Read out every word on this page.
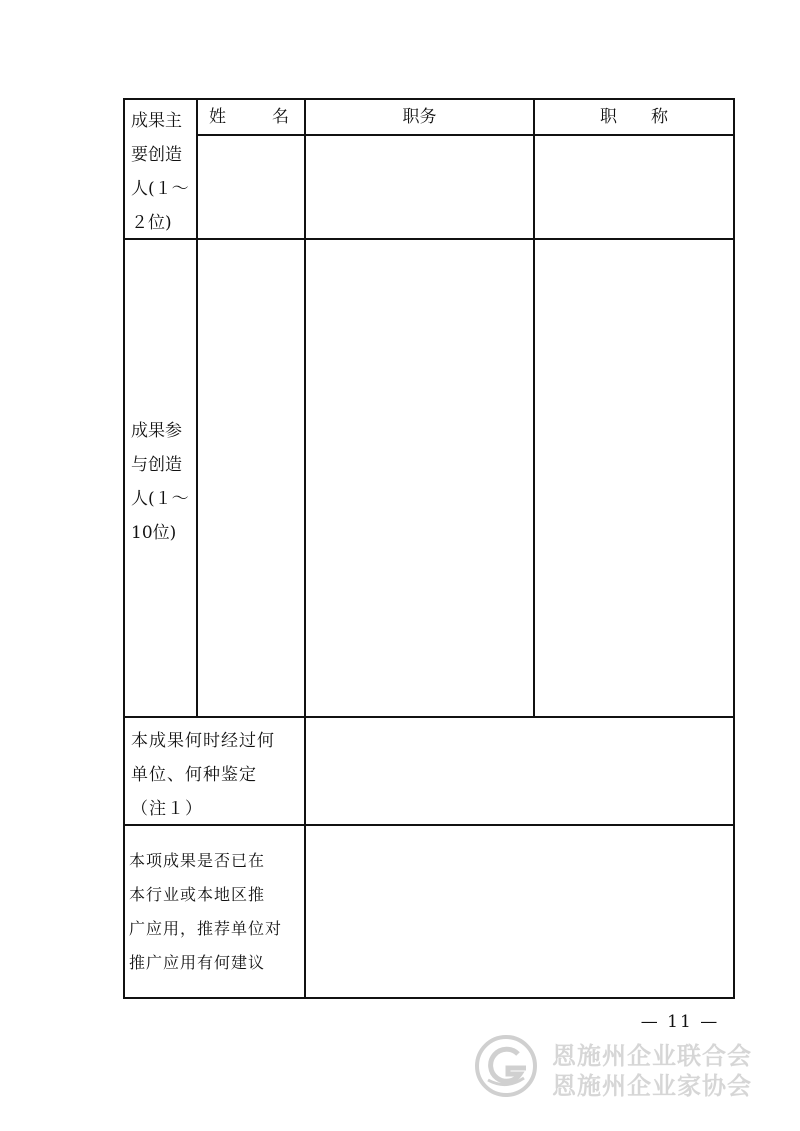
姓　　名	职务	职　　称
成果主
要创造
人(１～
２位)
成果参
与创造
人(１～
10位)
本成果何时经过何
单位、何种鉴定
（注１）
本项成果是否已在
本行业或本地区推
广应用，推荐单位对
推广应用有何建议
— 11 —
恩施州企业联合会
恩施州企业家协会
